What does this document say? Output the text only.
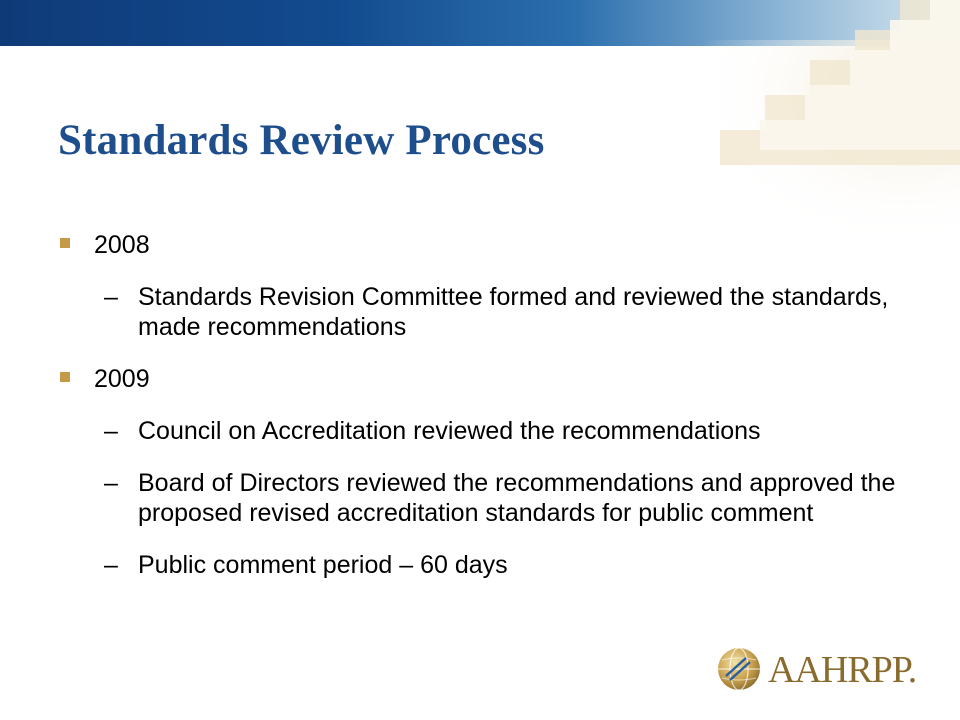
Standards Review Process
2008
– Standards Revision Committee formed and reviewed the standards, made recommendations
2009
– Council on Accreditation reviewed the recommendations
– Board of Directors reviewed the recommendations and approved the proposed revised accreditation standards for public comment
– Public comment period – 60 days
AAHRPP.
